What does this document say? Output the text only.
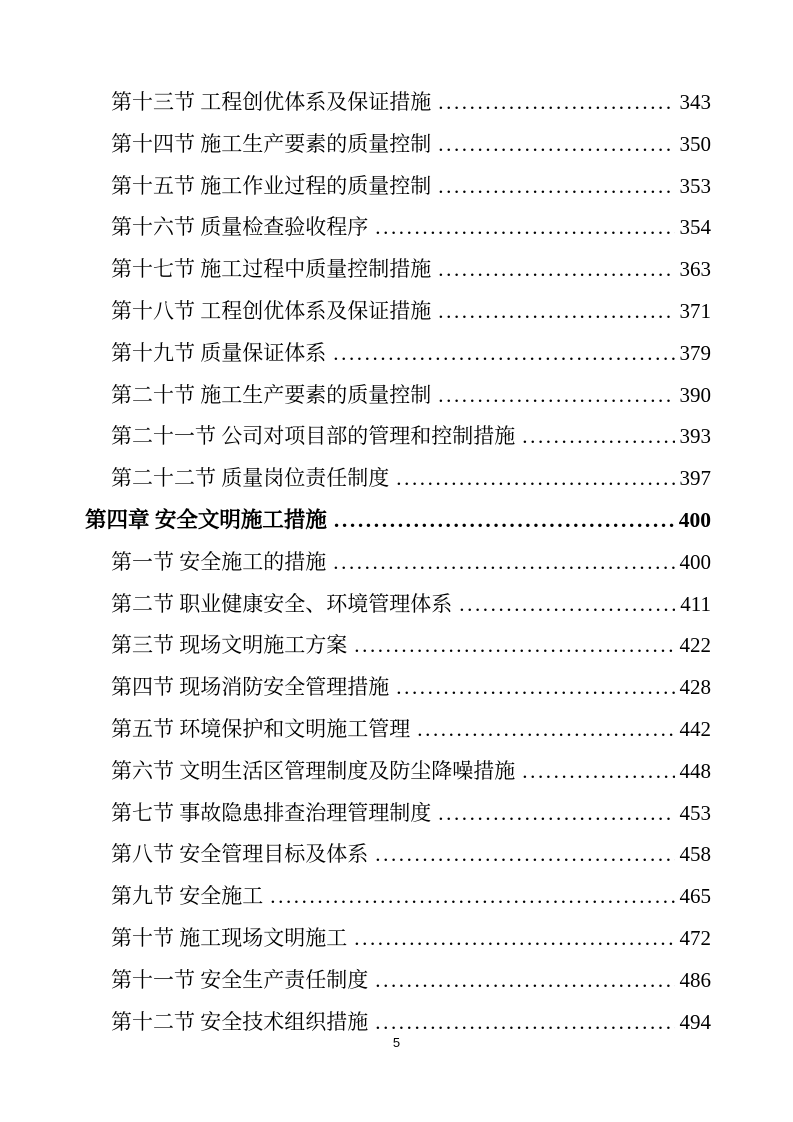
第十三节 工程创优体系及保证措施 .....	343
第十四节 施工生产要素的质量控制 .....	350
第十五节 施工作业过程的质量控制 .....	353
第十六节 质量检查验收程序 .....	354
第十七节 施工过程中质量控制措施 .....	363
第十八节 工程创优体系及保证措施 .....	371
第十九节 质量保证体系 .....	379
第二十节 施工生产要素的质量控制 .....	390
第二十一节 公司对项目部的管理和控制措施 .....	393
第二十二节 质量岗位责任制度 .....	397
第四章 安全文明施工措施 .....	400
第一节 安全施工的措施 .....	400
第二节 职业健康安全、环境管理体系 .....	411
第三节 现场文明施工方案 .....	422
第四节 现场消防安全管理措施 .....	428
第五节 环境保护和文明施工管理 .....	442
第六节 文明生活区管理制度及防尘降噪措施 .....	448
第七节 事故隐患排查治理管理制度 .....	453
第八节 安全管理目标及体系 .....	458
第九节 安全施工 .....	465
第十节 施工现场文明施工 .....	472
第十一节 安全生产责任制度 .....	486
第十二节 安全技术组织措施 .....	494
5
